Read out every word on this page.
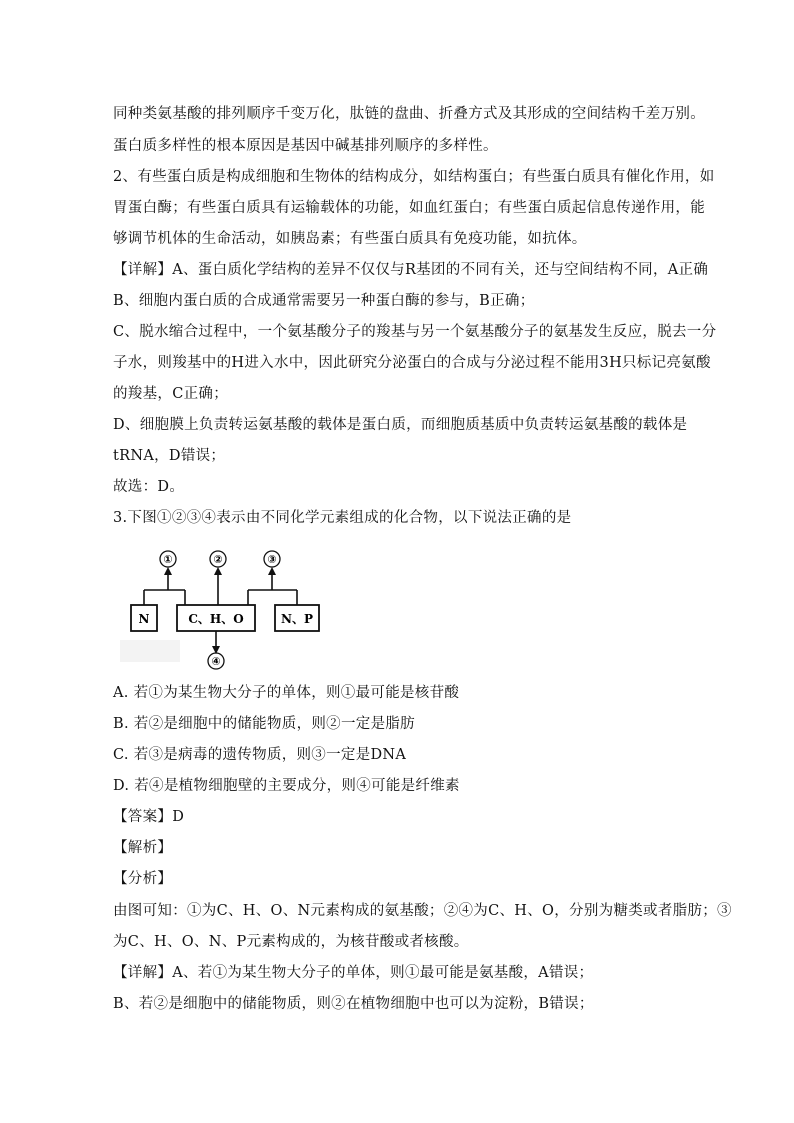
同种类氨基酸的排列顺序千变万化，肽链的盘曲、折叠方式及其形成的空间结构千差万别。
蛋白质多样性的根本原因是基因中碱基排列顺序的多样性。
2、有些蛋白质是构成细胞和生物体的结构成分，如结构蛋白；有些蛋白质具有催化作用，如
胃蛋白酶；有些蛋白质具有运输载体的功能，如血红蛋白；有些蛋白质起信息传递作用，能
够调节机体的生命活动，如胰岛素；有些蛋白质具有免疫功能，如抗体。
【详解】A、蛋白质化学结构的差异不仅仅与R基团的不同有关，还与空间结构不同，A正确
B、细胞内蛋白质的合成通常需要另一种蛋白酶的参与，B正确；
C、脱水缩合过程中，一个氨基酸分子的羧基与另一个氨基酸分子的氨基发生反应，脱去一分
子水，则羧基中的H进入水中，因此研究分泌蛋白的合成与分泌过程不能用3H只标记亮氨酸
的羧基，C正确；
D、细胞膜上负责转运氨基酸的载体是蛋白质，而细胞质基质中负责转运氨基酸的载体是
tRNA，D错误；
故选：D。
3.下图①②③④表示由不同化学元素组成的化合物，以下说法正确的是
①	②	③
N	C、H、O	N、P
④
A. 若①为某生物大分子的单体，则①最可能是核苷酸
B. 若②是细胞中的储能物质，则②一定是脂肪
C. 若③是病毒的遗传物质，则③一定是DNA
D. 若④是植物细胞壁的主要成分，则④可能是纤维素
【答案】D
【解析】
【分析】
由图可知：①为C、H、O、N元素构成的氨基酸；②④为C、H、O，分别为糖类或者脂肪；③
为C、H、O、N、P元素构成的，为核苷酸或者核酸。
【详解】A、若①为某生物大分子的单体，则①最可能是氨基酸，A错误；
B、若②是细胞中的储能物质，则②在植物细胞中也可以为淀粉，B错误；
